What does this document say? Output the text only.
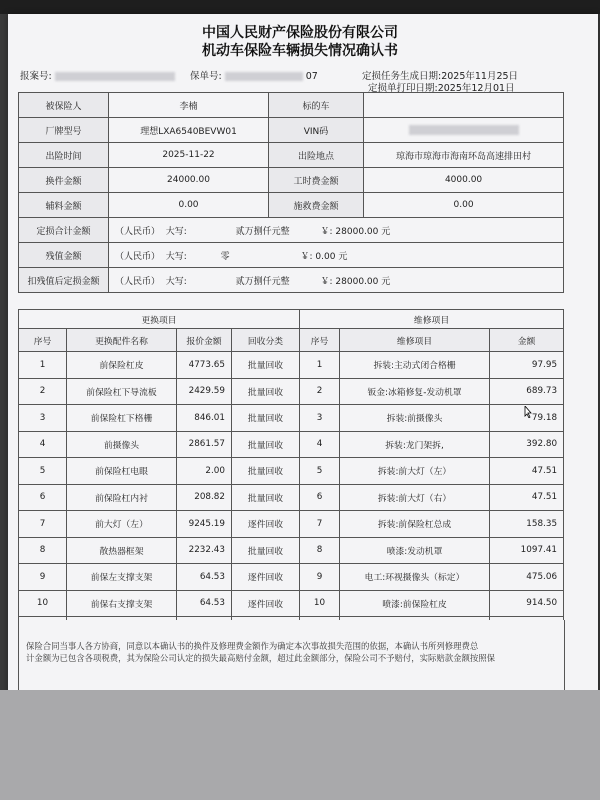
中国人民财产保险股份有限公司
机动车保险车辆损失情况确认书
报案号:	保单号:	07	定损任务生成日期:2025年11月25日
定损单打印日期:2025年12月01日
被保险人	李楠	标的车	
厂牌型号	理想LXA6540BEVW01	VIN码	
出险时间	2025-11-22	出险地点	琼海市琼海市海南环岛高速排田村
换件金额	24000.00	工时费金额	4000.00
辅料金额	0.00	施救费金额	0.00
定损合计金额	（人民币） 大写: 贰万捌仟元整 ￥: 28000.00 元		
残值金额	（人民币） 大写: 零 ￥: 0.00 元		
扣残值后定损金额	（人民币） 大写: 贰万捌仟元整 ￥: 28000.00 元		
更换项目				维修项目		
序号	更换配件名称	报价金额	回收分类	序号	维修项目	金额
1	前保险杠皮	4773.65	批量回收	1	拆装:主动式闭合格栅	97.95
2	前保险杠下导流板	2429.59	批量回收	2	钣金:冰箱修复-发动机罩	689.73
3	前保险杠下格栅	846.01	批量回收	3	拆装:前摄像头	79.18
4	前摄像头	2861.57	批量回收	4	拆装:龙门架拆,	392.80
5	前保险杠电眼	2.00	批量回收	5	拆装:前大灯（左）	47.51
6	前保险杠内衬	208.82	批量回收	6	拆装:前大灯（右）	47.51
7	前大灯（左）	9245.19	逐件回收	7	拆装:前保险杠总成	158.35
8	散热器框架	2232.43	批量回收	8	喷漆:发动机罩	1097.41
9	前保左支撑支架	64.53	逐件回收	9	电工:环视摄像头（标定）	475.06
10	前保右支撑支架	64.53	逐件回收	10	喷漆:前保险杠皮	914.50

保险合同当事人各方协商，同意以本确认书的换件及修理费金额作为确定本次事故损失范围的依据，本确认书所列修理费总
计金额为已包含各项税费，其为保险公司认定的损失最高赔付金额，超过此金额部分，保险公司不予赔付，实际赔款金额按照保
